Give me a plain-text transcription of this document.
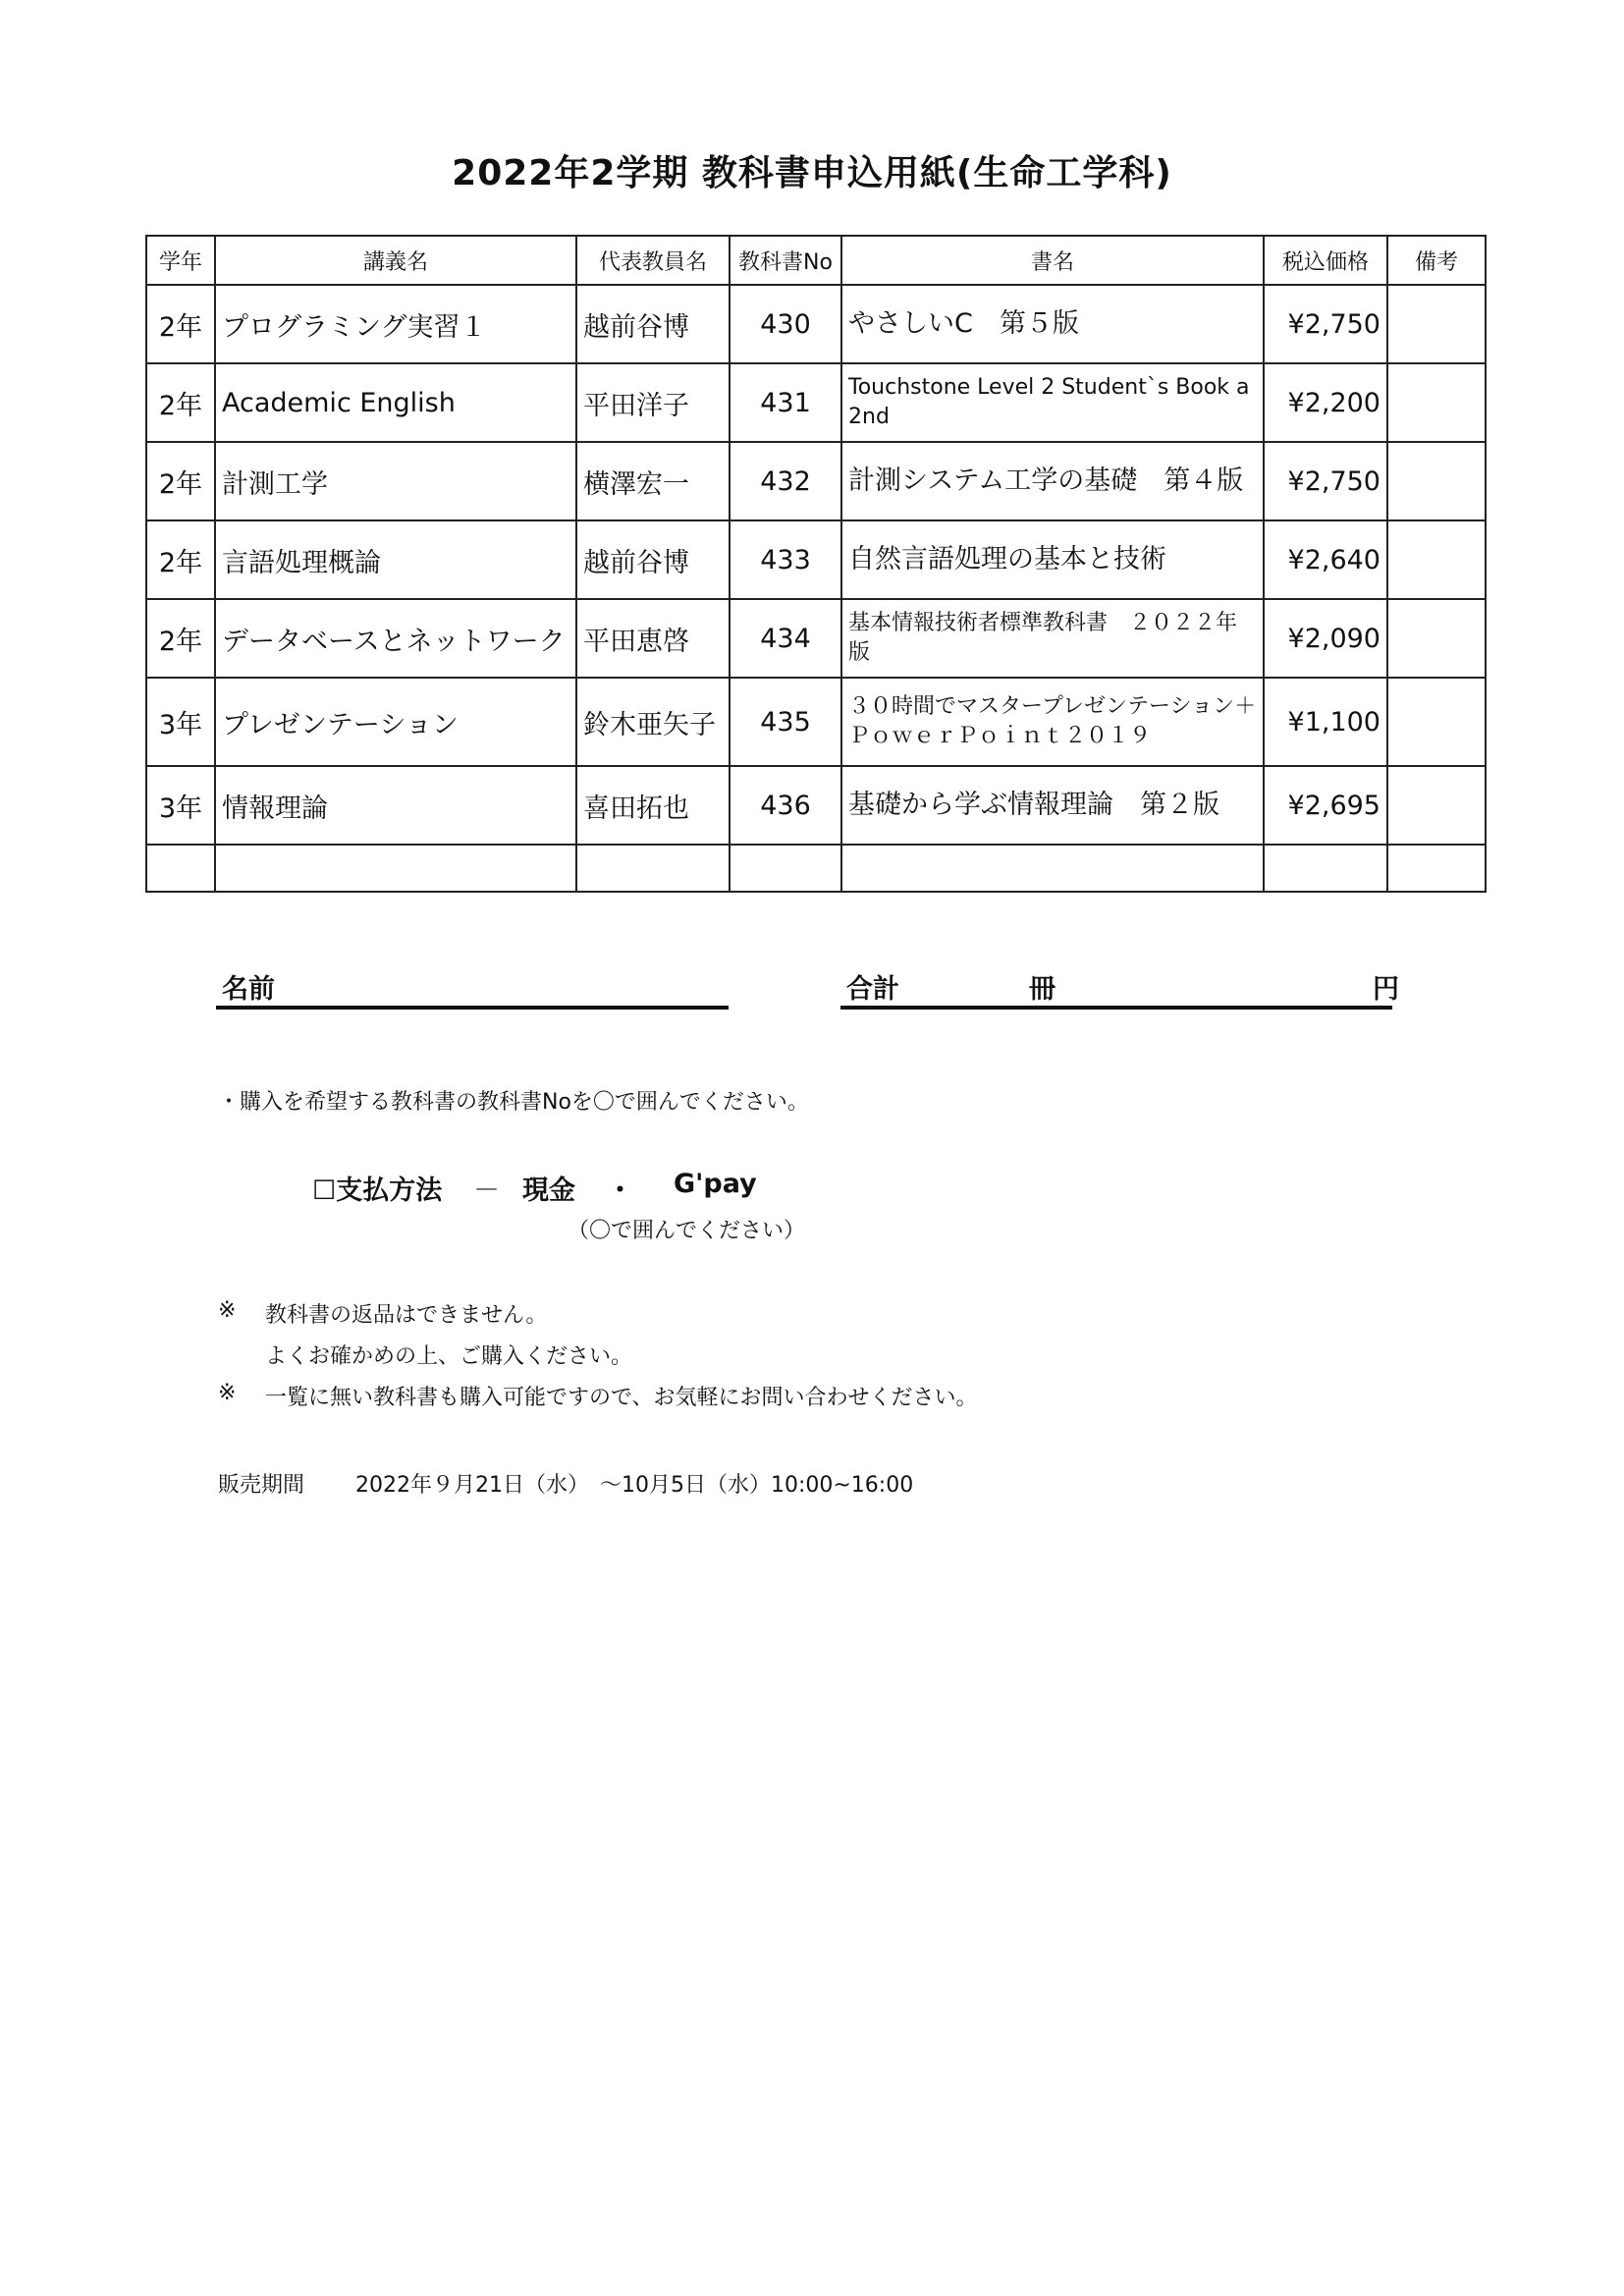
2022年2学期 教科書申込用紙(生命工学科)
学年	講義名	代表教員名	教科書No	書名	税込価格	備考
2年	プログラミング実習１	越前谷博	430	やさしいC　第５版	¥2,750	
2年	Academic English	平田洋子	431	Touchstone Level 2 Student`s Book a 2nd	¥2,200	
2年	計測工学	横澤宏一	432	計測システム工学の基礎　第４版	¥2,750	
2年	言語処理概論	越前谷博	433	自然言語処理の基本と技術	¥2,640	
2年	データベースとネットワーク	平田恵啓	434	基本情報技術者標準教科書　２０２２年版	¥2,090	
3年	プレゼンテーション	鈴木亜矢子	435	３０時間でマスタープレゼンテーション＋ＰｏｗｅｒＰｏｉｎｔ２０１９	¥1,100	
3年	情報理論	喜田拓也	436	基礎から学ぶ情報理論　第２版	¥2,695	

名前	合計	冊	円
・購入を希望する教科書の教科書Noを〇で囲んでください。
☐支払方法 － 現金 ・ G'pay
（〇で囲んでください）
※ 教科書の返品はできません。
よくお確かめの上、ご購入ください。
※ 一覧に無い教科書も購入可能ですので、お気軽にお問い合わせください。
販売期間 2022年９月21日（水）　～10月5日（水）10:00~16:00
